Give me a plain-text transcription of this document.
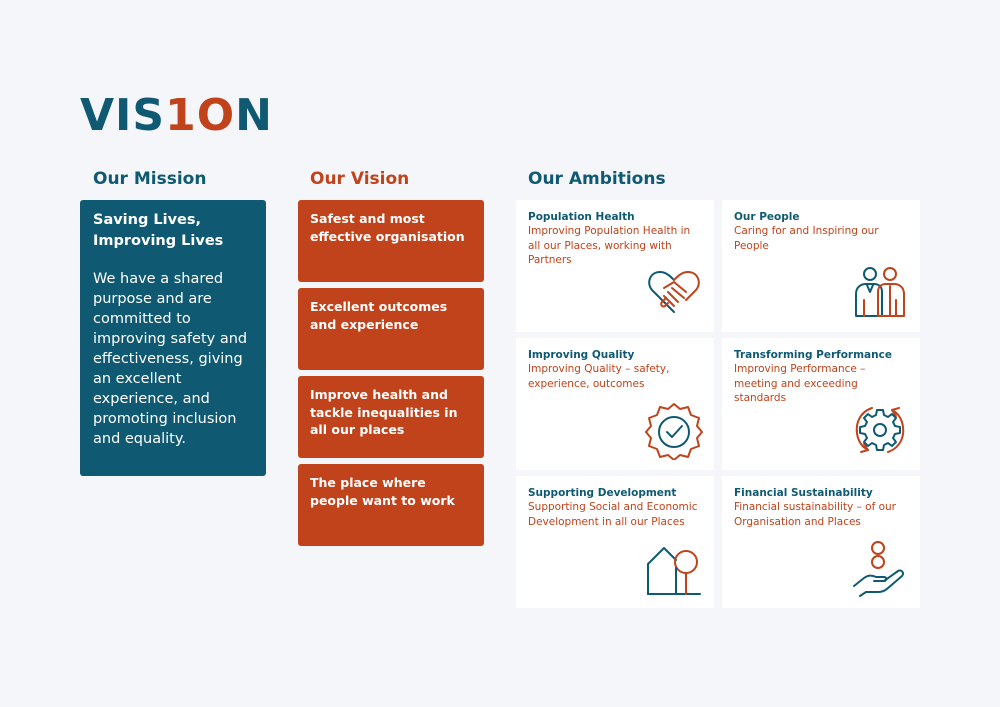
VIS1ON
Our Mission	Our Vision	Our Ambitions
Saving Lives, Improving Lives
We have a shared purpose and are committed to improving safety and effectiveness, giving an excellent experience, and promoting inclusion and equality.
Safest and most effective organisation
Excellent outcomes and experience
Improve health and tackle inequalities in all our places
The place where people want to work
Population Health
Improving Population Health in all our Places, working with Partners
Our People
Caring for and Inspiring our People
Improving Quality
Improving Quality – safety, experience, outcomes
Transforming Performance
Improving Performance – meeting and exceeding standards
Supporting Development
Supporting Social and Economic Development in all our Places
Financial Sustainability
Financial sustainability – of our Organisation and Places
